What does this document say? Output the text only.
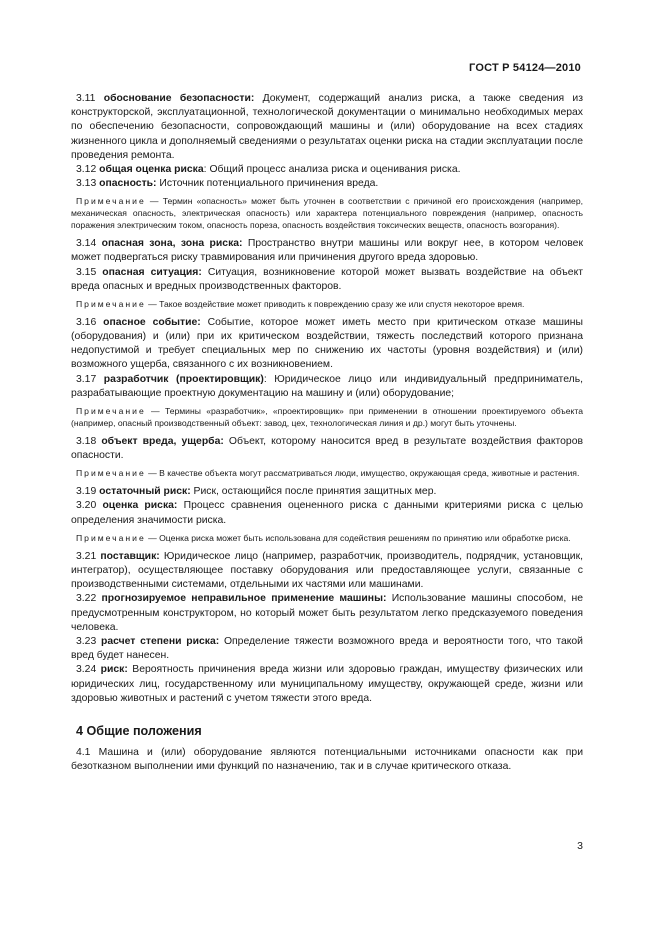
ГОСТ Р 54124—2010

3.11 обоснование безопасности: Документ, содержащий анализ риска, а также сведения из конструкторской, эксплуатационной, технологической документации о минимально необходимых мерах по обеспечению безопасности, сопровождающий машины и (или) оборудование на всех стадиях жизненного цикла и дополняемый сведениями о результатах оценки риска на стадии эксплуатации после проведения ремонта.

3.12 общая оценка риска: Общий процесс анализа риска и оценивания риска.

3.13 опасность: Источник потенциального причинения вреда.

Примечание — Термин «опасность» может быть уточнен в соответствии с причиной его происхождения (например, механическая опасность, электрическая опасность) или характера потенциального повреждения (например, опасность поражения электрическим током, опасность пореза, опасность воздействия токсических веществ, опасность возгорания).

3.14 опасная зона, зона риска: Пространство внутри машины или вокруг нее, в котором человек может подвергаться риску травмирования или причинения другого вреда здоровью.

3.15 опасная ситуация: Ситуация, возникновение которой может вызвать воздействие на объект вреда опасных и вредных производственных факторов.

Примечание — Такое воздействие может приводить к повреждению сразу же или спустя некоторое время.

3.16 опасное событие: Событие, которое может иметь место при критическом отказе машины (оборудования) и (или) при их критическом воздействии, тяжесть последствий которого признана недопустимой и требует специальных мер по снижению их частоты (уровня воздействия) и (или) возможного ущерба, связанного с их возникновением.

3.17 разработчик (проектировщик): Юридическое лицо или индивидуальный предприниматель, разрабатывающие проектную документацию на машину и (или) оборудование;

Примечание — Термины «разработчик», «проектировщик» при применении в отношении проектируемого объекта (например, опасный производственный объект: завод, цех, технологическая линия и др.) могут быть уточнены.

3.18 объект вреда, ущерба: Объект, которому наносится вред в результате воздействия факторов опасности.

Примечание — В качестве объекта могут рассматриваться люди, имущество, окружающая среда, животные и растения.

3.19 остаточный риск: Риск, остающийся после принятия защитных мер.

3.20 оценка риска: Процесс сравнения оцененного риска с данными критериями риска с целью определения значимости риска.

Примечание — Оценка риска может быть использована для содействия решениям по принятию или обработке риска.

3.21 поставщик: Юридическое лицо (например, разработчик, производитель, подрядчик, установщик, интегратор), осуществляющее поставку оборудования или предоставляющее услуги, связанные с производственными системами, отдельными их частями или машинами.

3.22 прогнозируемое неправильное применение машины: Использование машины способом, не предусмотренным конструктором, но который может быть результатом легко предсказуемого поведения человека.

3.23 расчет степени риска: Определение тяжести возможного вреда и вероятности того, что такой вред будет нанесен.

3.24 риск: Вероятность причинения вреда жизни или здоровью граждан, имуществу физических или юридических лиц, государственному или муниципальному имуществу, окружающей среде, жизни или здоровью животных и растений с учетом тяжести этого вреда.

4 Общие положения

4.1 Машина и (или) оборудование являются потенциальными источниками опасности как при безотказном выполнении ими функций по назначению, так и в случае критического отказа.

3
